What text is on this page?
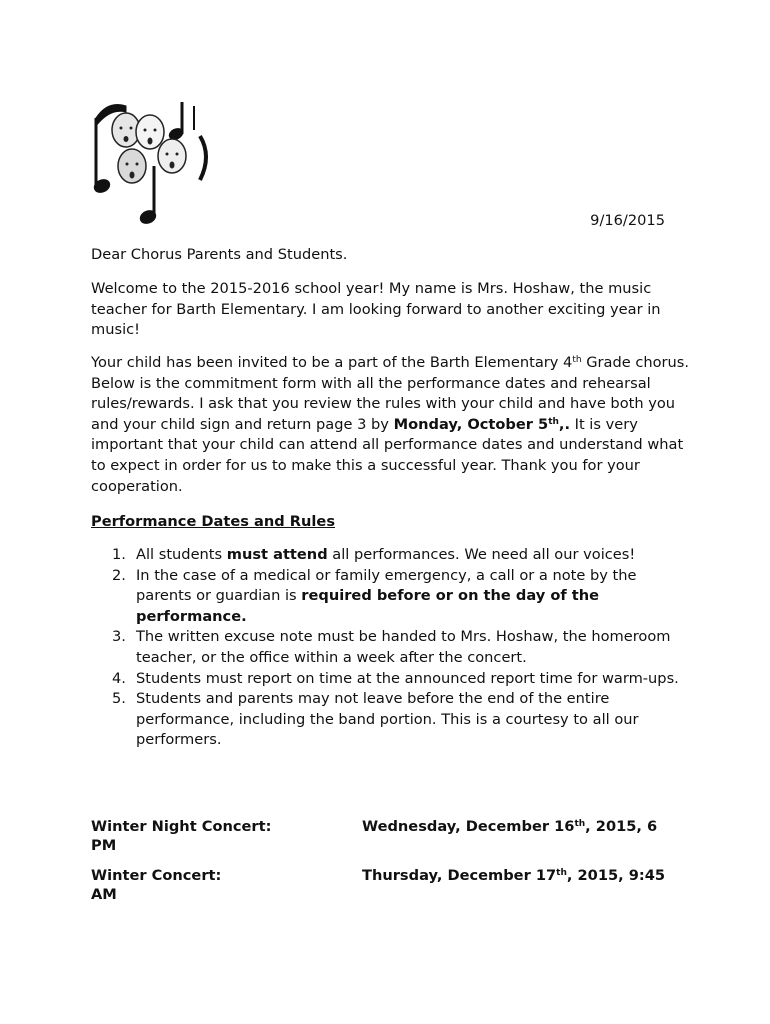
9/16/2015

Dear Chorus Parents and Students.

Welcome to the 2015-2016 school year! My name is Mrs. Hoshaw, the music teacher for Barth Elementary. I am looking forward to another exciting year in music!

Your child has been invited to be a part of the Barth Elementary 4th Grade chorus. Below is the commitment form with all the performance dates and rehearsal rules/rewards. I ask that you review the rules with your child and have both you and your child sign and return page 3 by Monday, October 5th,. It is very important that your child can attend all performance dates and understand what to expect in order for us to make this a successful year. Thank you for your cooperation.

Performance Dates and Rules

1. All students must attend all performances. We need all our voices!
2. In the case of a medical or family emergency, a call or a note by the parents or guardian is required before or on the day of the performance.
3. The written excuse note must be handed to Mrs. Hoshaw, the homeroom teacher, or the office within a week after the concert.
4. Students must report on time at the announced report time for warm-ups.
5. Students and parents may not leave before the end of the entire performance, including the band portion. This is a courtesy to all our performers.
Winter Night Concert:	Wednesday, December 16th, 2015, 6
PM
Winter Concert:	Thursday, December 17th, 2015, 9:45
AM
